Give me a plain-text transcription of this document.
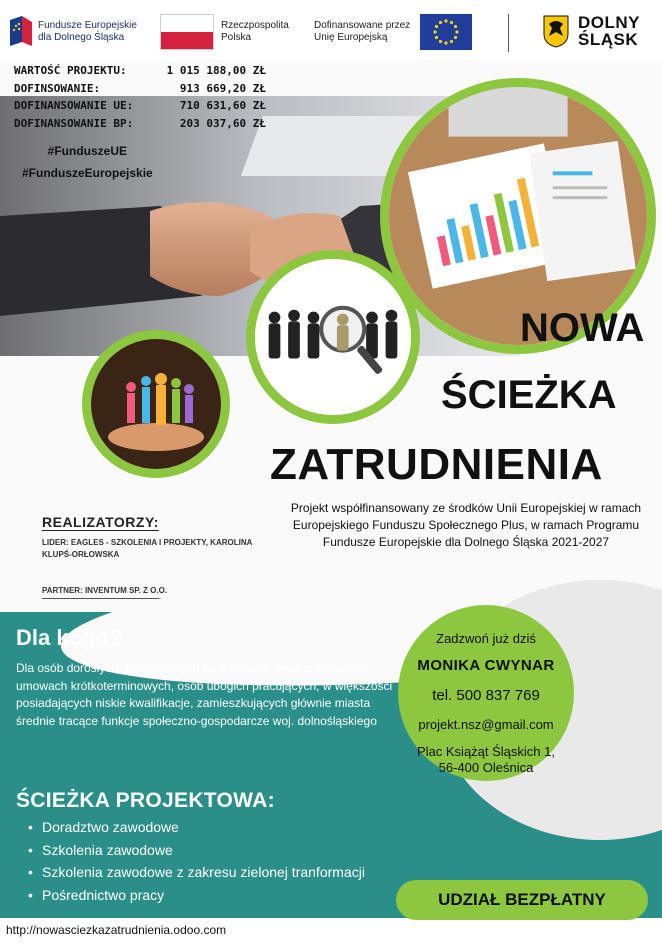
Fundusze Europejskie dla Dolnego Śląska
Rzeczpospolita Polska
Dofinansowane przez Unię Europejską
DOLNY
ŚLĄSK
WARTOŚĆ PROJEKTU:	1 015 188,00 ZŁ
DOFINSOWANIE:	913 669,20 ZŁ
DOFINANSOWANIE UE:	710 631,60 ZŁ
DOFINANSOWANIE BP:	203 037,60 ZŁ
#FunduszeUE
#FunduszeEuropejskie
NOWA
ŚCIEŻKA
ZATRUDNIENIA
Projekt współfinansowany ze środków Unii Europejskiej w ramach Europejskiego Funduszu Społecznego Plus, w ramach Programu Fundusze Europejskie dla Dolnego Śląska 2021-2027
REALIZATORZY:
LIDER: EAGLES - SZKOLENIA I PROJEKTY, KAROLINA KLUPŚ-ORŁOWSKA
PARTNER: INVENTUM SP. Z O.O.
Dla kogo?
Dla osób dorosłych, zatrudnionych na umowach cywilno-prawnych, umowach krótkoterminowych, osób ubogich pracujących, w większości posiadających niskie kwalifikacje, zamieszkujących głównie miasta średnie tracące funkcje społeczno-gospodarcze woj. dolnośląskiego
Zadzwoń już dziś
MONIKA CWYNAR
tel. 500 837 769
projekt.nsz@gmail.com
Plac Książąt Śląskich 1,
56-400 Oleśnica
ŚCIEŻKA PROJEKTOWA:
• Doradztwo zawodowe
• Szkolenia zawodowe
• Szkolenia zawodowe z zakresu zielonej tranformacji
• Pośrednictwo pracy	UDZIAŁ BEZPŁATNY
http://nowasciezkazatrudnienia.odoo.com
